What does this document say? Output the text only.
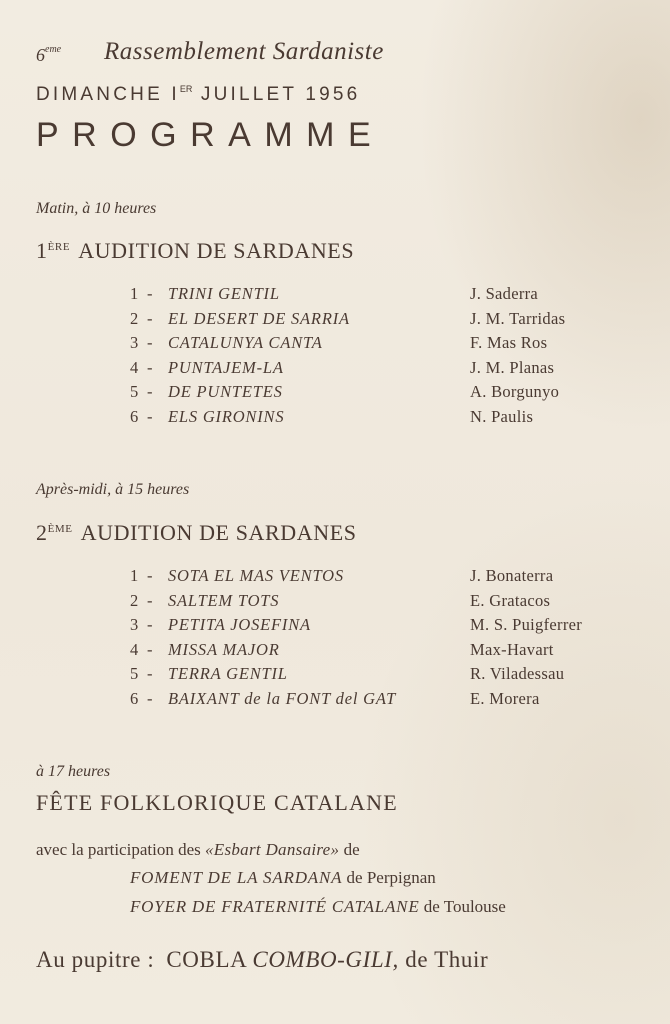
6eme Rassemblement Sardaniste
DIMANCHE IER JUILLET 1956
PROGRAMME
Matin, à 10 heures
1ÈRE AUDITION DE SARDANES
1 - TRINI GENTIL	J. Saderra
2 - EL DESERT DE SARRIA	J. M. Tarridas
3 - CATALUNYA CANTA	F. Mas Ros
4 - PUNTAJEM-LA	J. M. Planas
5 - DE PUNTETES	A. Borgunyo
6 - ELS GIRONINS	N. Paulis
Après-midi, à 15 heures
2ÈME AUDITION DE SARDANES
1 - SOTA EL MAS VENTOS	J. Bonaterra
2 - SALTEM TOTS	E. Gratacos
3 - PETITA JOSEFINA	M. S. Puigferrer
4 - MISSA MAJOR	Max-Havart
5 - TERRA GENTIL	R. Viladessau
6 - BAIXANT de la FONT del GAT	E. Morera
à 17 heures
FÊTE FOLKLORIQUE CATALANE
avec la participation des «Esbart Dansaire» de
FOMENT DE LA SARDANA de Perpignan
FOYER DE FRATERNITÉ CATALANE de Toulouse
Au pupitre : COBLA COMBO-GILI, de Thuir
